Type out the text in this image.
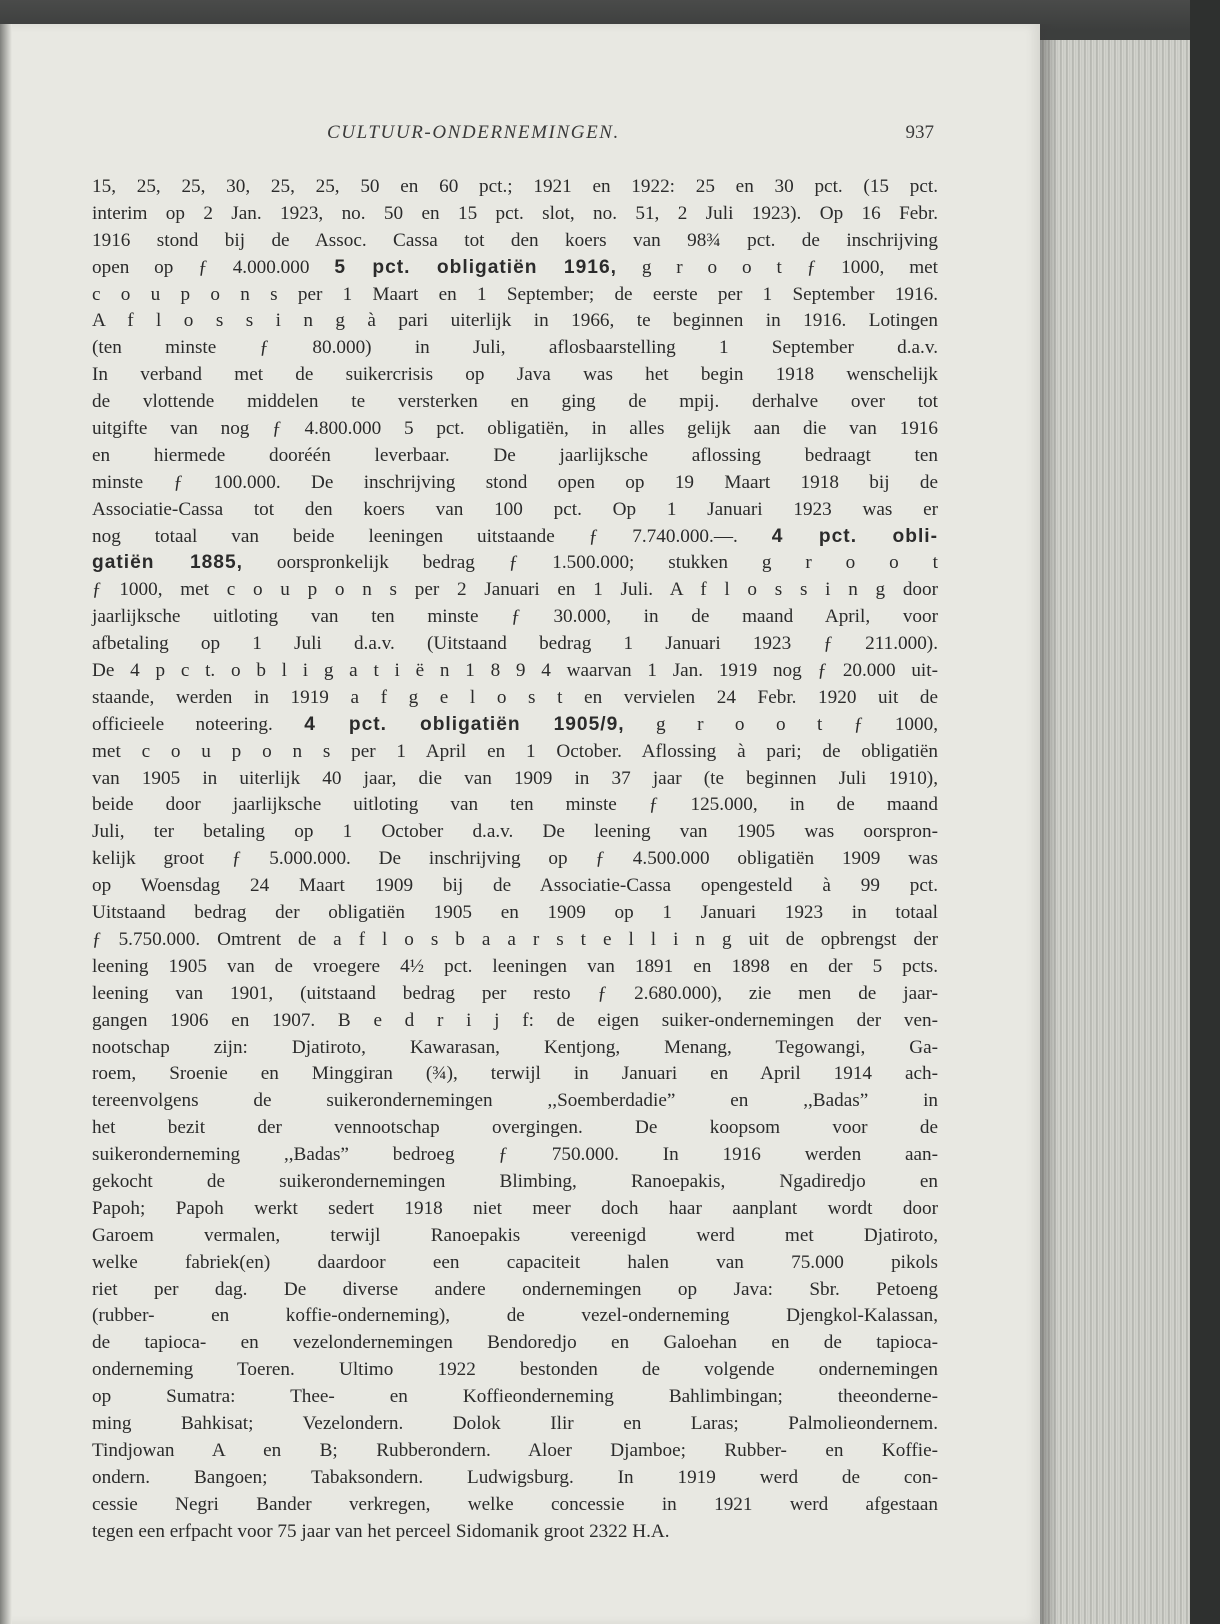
CULTUUR-ONDERNEMINGEN.	937
15, 25, 25, 30, 25, 25, 50 en 60 pct.; 1921 en 1922: 25 en 30 pct. (15 pct.
interim op 2 Jan. 1923, no. 50 en 15 pct. slot, no. 51, 2 Juli 1923). Op 16 Febr.
1916 stond bij de Assoc. Cassa tot den koers van 98¾ pct. de inschrijving
open op ƒ 4.000.000 5 pct. obligatiën 1916, g r o o t ƒ 1000, met
c o u p o n s per 1 Maart en 1 September; de eerste per 1 September 1916.
A f l o s s i n g à pari uiterlijk in 1966, te beginnen in 1916. Lotingen
(ten minste ƒ 80.000) in Juli, aflosbaarstelling 1 September d.a.v.
In verband met de suikercrisis op Java was het begin 1918 wenschelijk
de vlottende middelen te versterken en ging de mpij. derhalve over tot
uitgifte van nog ƒ 4.800.000 5 pct. obligatiën, in alles gelijk aan die van 1916
en hiermede dooréén leverbaar. De jaarlijksche aflossing bedraagt ten
minste ƒ 100.000. De inschrijving stond open op 19 Maart 1918 bij de
Associatie-Cassa tot den koers van 100 pct. Op 1 Januari 1923 was er
nog totaal van beide leeningen uitstaande ƒ 7.740.000.—. 4 pct. obli-
gatiën 1885, oorspronkelijk bedrag ƒ 1.500.000; stukken g r o o t
ƒ 1000, met c o u p o n s per 2 Januari en 1 Juli. A f l o s s i n g door
jaarlijksche uitloting van ten minste ƒ 30.000, in de maand April, voor
afbetaling op 1 Juli d.a.v. (Uitstaand bedrag 1 Januari 1923 ƒ 211.000).
De 4 p c t. o b l i g a t i ë n 1 8 9 4 waarvan 1 Jan. 1919 nog ƒ 20.000 uit-
staande, werden in 1919 a f g e l o s t en vervielen 24 Febr. 1920 uit de
officieele noteering. 4 pct. obligatiën 1905/9, g r o o t ƒ 1000,
met c o u p o n s per 1 April en 1 October. Aflossing à pari; de obligatiën
van 1905 in uiterlijk 40 jaar, die van 1909 in 37 jaar (te beginnen Juli 1910),
beide door jaarlijksche uitloting van ten minste ƒ 125.000, in de maand
Juli, ter betaling op 1 October d.a.v. De leening van 1905 was oorspron-
kelijk groot ƒ 5.000.000. De inschrijving op ƒ 4.500.000 obligatiën 1909 was
op Woensdag 24 Maart 1909 bij de Associatie-Cassa opengesteld à 99 pct.
Uitstaand bedrag der obligatiën 1905 en 1909 op 1 Januari 1923 in totaal
ƒ 5.750.000. Omtrent de a f l o s b a a r s t e l l i n g uit de opbrengst der
leening 1905 van de vroegere 4½ pct. leeningen van 1891 en 1898 en der 5 pcts.
leening van 1901, (uitstaand bedrag per resto ƒ 2.680.000), zie men de jaar-
gangen 1906 en 1907. B e d r i j f: de eigen suiker-ondernemingen der ven-
nootschap zijn: Djatiroto, Kawarasan, Kentjong, Menang, Tegowangi, Ga-
roem, Sroenie en Minggiran (¾), terwijl in Januari en April 1914 ach-
tereenvolgens de suikerondernemingen ,,Soemberdadie” en ,,Badas” in
het bezit der vennootschap overgingen. De koopsom voor de
suikeronderneming ,,Badas” bedroeg ƒ 750.000. In 1916 werden aan-
gekocht de suikerondernemingen Blimbing, Ranoepakis, Ngadiredjo en
Papoh; Papoh werkt sedert 1918 niet meer doch haar aanplant wordt door
Garoem vermalen, terwijl Ranoepakis vereenigd werd met Djatiroto,
welke fabriek(en) daardoor een capaciteit halen van 75.000 pikols
riet per dag. De diverse andere ondernemingen op Java: Sbr. Petoeng
(rubber- en koffie-onderneming), de vezel-onderneming Djengkol-Kalassan,
de tapioca- en vezelondernemingen Bendoredjo en Galoehan en de tapioca-
onderneming Toeren. Ultimo 1922 bestonden de volgende ondernemingen
op Sumatra: Thee- en Koffieonderneming Bahlimbingan; theeonderne-
ming Bahkisat; Vezelondern. Dolok Ilir en Laras; Palmolieondernem.
Tindjowan A en B; Rubberondern. Aloer Djamboe; Rubber- en Koffie-
ondern. Bangoen; Tabaksondern. Ludwigsburg. In 1919 werd de con-
cessie Negri Bander verkregen, welke concessie in 1921 werd afgestaan
tegen een erfpacht voor 75 jaar van het perceel Sidomanik groot 2322 H.A.
